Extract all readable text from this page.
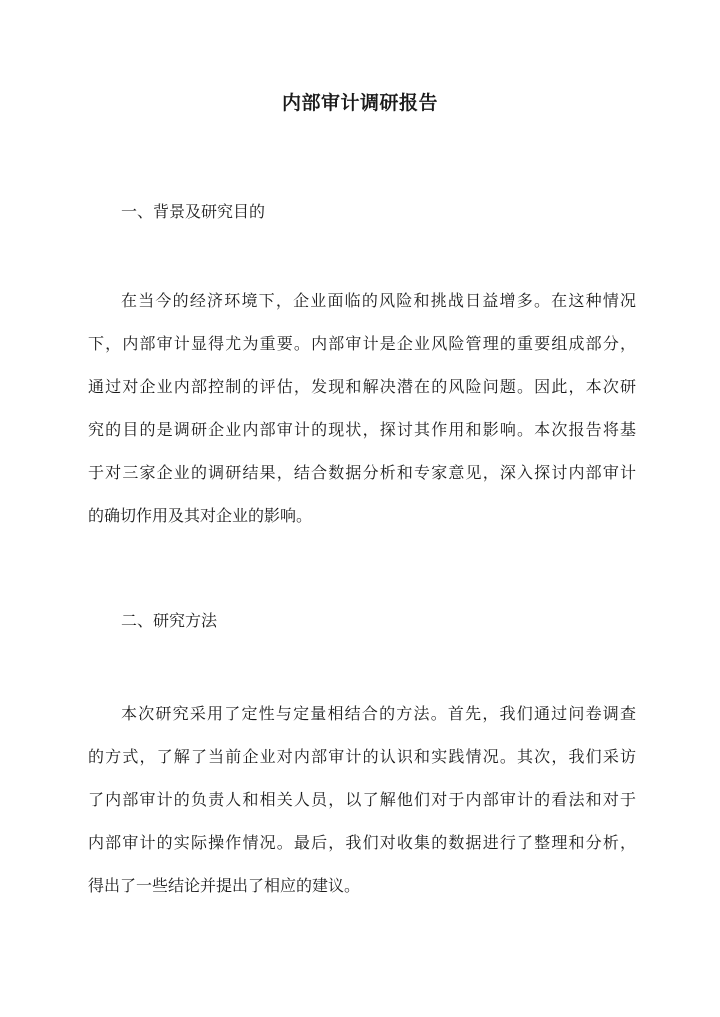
内部审计调研报告
一、背景及研究目的
在当今的经济环境下，企业面临的风险和挑战日益增多。在这种情况
下，内部审计显得尤为重要。内部审计是企业风险管理的重要组成部分，
通过对企业内部控制的评估，发现和解决潜在的风险问题。因此，本次研
究的目的是调研企业内部审计的现状，探讨其作用和影响。本次报告将基
于对三家企业的调研结果，结合数据分析和专家意见，深入探讨内部审计
的确切作用及其对企业的影响。
二、研究方法
本次研究采用了定性与定量相结合的方法。首先，我们通过问卷调查
的方式，了解了当前企业对内部审计的认识和实践情况。其次，我们采访
了内部审计的负责人和相关人员，以了解他们对于内部审计的看法和对于
内部审计的实际操作情况。最后，我们对收集的数据进行了整理和分析，
得出了一些结论并提出了相应的建议。
